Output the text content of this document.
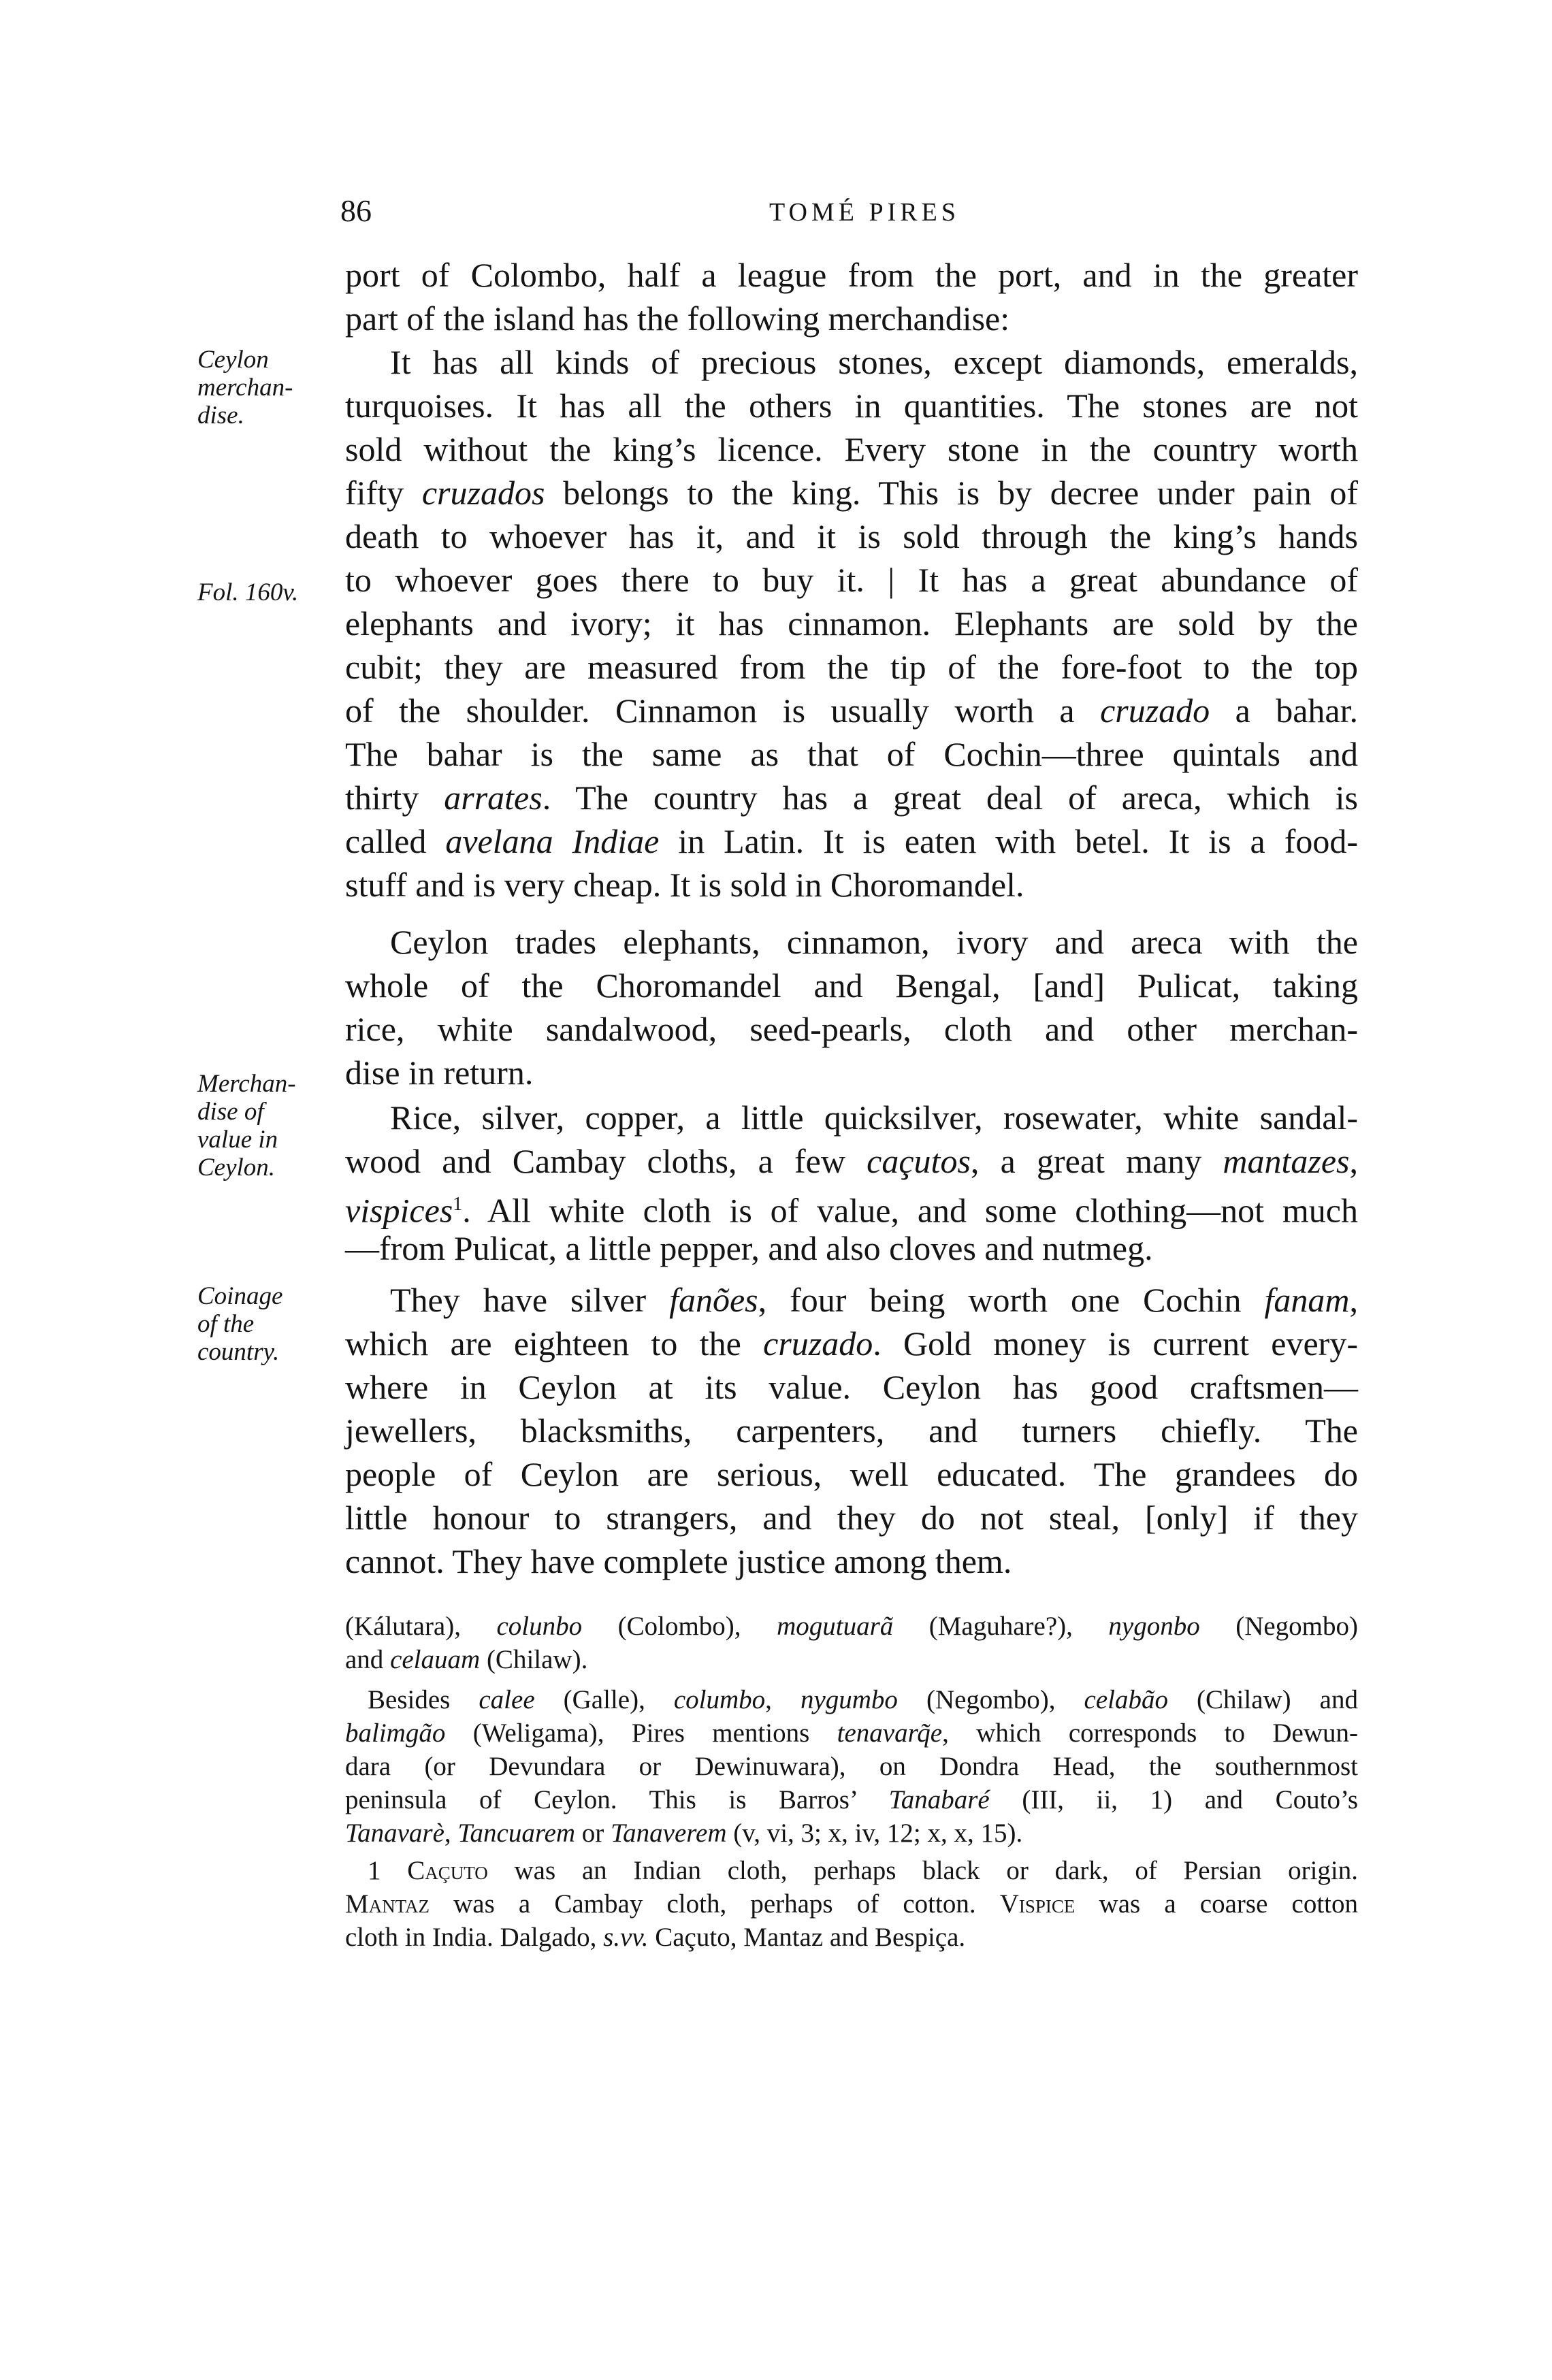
86	TOMÉ PIRES
Ceylon
merchan-
dise.
Fol. 160v.
Merchan-
dise of
value in
Ceylon.
Coinage
of the
country.
port of Colombo, half a league from the port, and in the greater
part of the island has the following merchandise:
It has all kinds of precious stones, except diamonds, emeralds,
turquoises. It has all the others in quantities. The stones are not
sold without the king’s licence. Every stone in the country worth
fifty cruzados belongs to the king. This is by decree under pain of
death to whoever has it, and it is sold through the king’s hands
to whoever goes there to buy it. | It has a great abundance of
elephants and ivory; it has cinnamon. Elephants are sold by the
cubit; they are measured from the tip of the fore-foot to the top
of the shoulder. Cinnamon is usually worth a cruzado a bahar.
The bahar is the same as that of Cochin—three quintals and
thirty arrates. The country has a great deal of areca, which is
called avelana Indiae in Latin. It is eaten with betel. It is a food-
stuff and is very cheap. It is sold in Choromandel.
Ceylon trades elephants, cinnamon, ivory and areca with the
whole of the Choromandel and Bengal, [and] Pulicat, taking
rice, white sandalwood, seed-pearls, cloth and other merchan-
dise in return.
Rice, silver, copper, a little quicksilver, rosewater, white sandal-
wood and Cambay cloths, a few caçutos, a great many mantazes,
vispices$^1$. All white cloth is of value, and some clothing—not much
—from Pulicat, a little pepper, and also cloves and nutmeg.
They have silver fanões, four being worth one Cochin fanam,
which are eighteen to the cruzado. Gold money is current every-
where in Ceylon at its value. Ceylon has good craftsmen—
jewellers, blacksmiths, carpenters, and turners chiefly. The
people of Ceylon are serious, well educated. The grandees do
little honour to strangers, and they do not steal, [only] if they
cannot. They have complete justice among them.
(Kálutara), colunbo (Colombo), mogutuarã (Maguhare?), nygonbo (Negombo)
and celauam (Chilaw).
Besides calee (Galle), columbo, nygumbo (Negombo), celabão (Chilaw) and
balimgão (Weligama), Pires mentions tenavarq̃e, which corresponds to Dewun-
dara (or Devundara or Dewinuwara), on Dondra Head, the southernmost
peninsula of Ceylon. This is Barros’ Tanabaré (III, ii, 1) and Couto’s
Tanavarè, Tancuarem or Tanaverem (v, vi, 3; x, iv, 12; x, x, 15).
1 Caçuto was an Indian cloth, perhaps black or dark, of Persian origin.
Mantaz was a Cambay cloth, perhaps of cotton. Vispice was a coarse cotton
cloth in India. Dalgado, s.vv. Caçuto, Mantaz and Bespiça.
